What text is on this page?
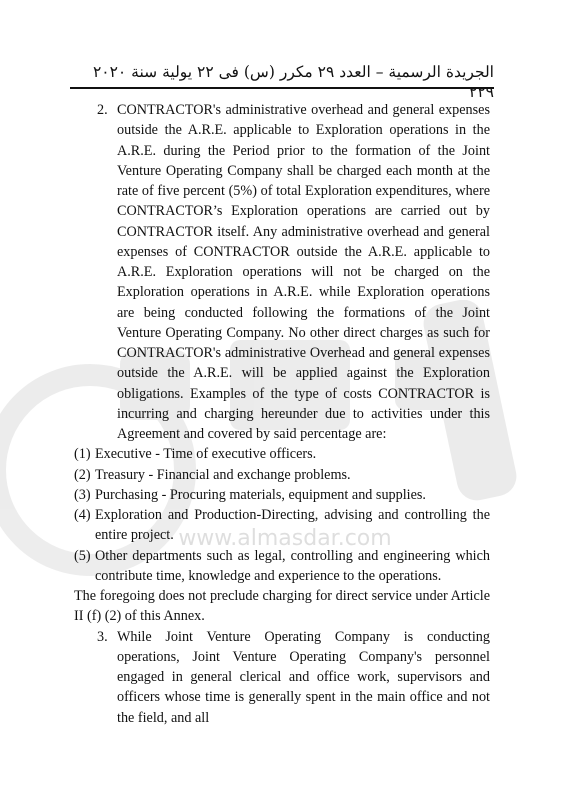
الجريدة الرسمية – العدد ٢٩ مكرر (س) فى ٢٢ يولية سنة ٢٠٢٠ ٢٢٩
www.almasdar.com
2. CONTRACTOR's administrative overhead and general expenses outside the A.R.E. applicable to Exploration operations in the A.R.E. during the Period prior to the formation of the Joint Venture Operating Company shall be charged each month at the rate of five percent (5%) of total Exploration expenditures, where CONTRACTOR’s Exploration operations are carried out by CONTRACTOR itself. Any administrative overhead and general expenses of CONTRACTOR outside the A.R.E. applicable to A.R.E. Exploration operations will not be charged on the Exploration operations in A.R.E. while Exploration operations are being conducted following the formations of the Joint Venture Operating Company. No other direct charges as such for CONTRACTOR's administrative Overhead and general expenses outside the A.R.E. will be applied against the Exploration obligations. Examples of the type of costs CONTRACTOR is incurring and charging hereunder due to activities under this Agreement and covered by said percentage are:
(1) Executive - Time of executive officers.
(2) Treasury - Financial and exchange problems.
(3) Purchasing - Procuring materials, equipment and supplies.
(4) Exploration and Production-Directing, advising and controlling the entire project.
(5) Other departments such as legal, controlling and engineering which contribute time, knowledge and experience to the operations.

The foregoing does not preclude charging for direct service under Article II (f) (2) of this Annex.

3. While Joint Venture Operating Company is conducting operations, Joint Venture Operating Company's personnel engaged in general clerical and office work, supervisors and officers whose time is generally spent in the main office and not the field, and all
